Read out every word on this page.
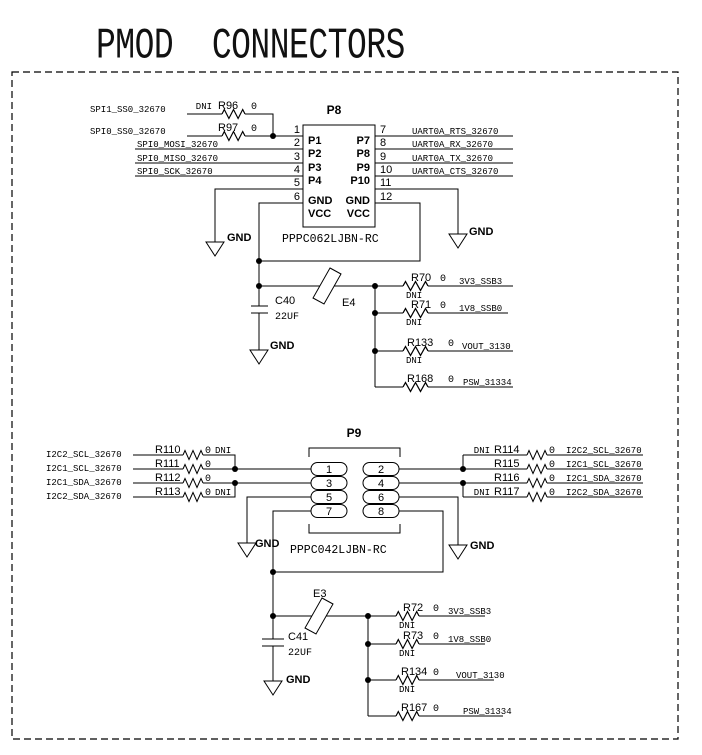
PMOD  CONNECTORS
P8
PPPC062LJBN-RC
SPI1_SS0_32670
SPI0_SS0_32670
SPI0_MOSI_32670
SPI0_MISO_32670
SPI0_SCK_32670
DNI R96 0
R97 0	1
2
3
4
5
6
7
8
9
10
11
12
P1
P2
P3
P4
GND
VCC
P7
P8
P9
P10
GND
VCC
UART0A_RTS_32670
UART0A_RX_32670
UART0A_TX_32670
UART0A_CTS_32670
GND	GND
GND
C40
22UF
E4
R70 0
DNI
3V3_SSB3
R71 0
DNI
1V8_SSB0
R133 0
DNI
VOUT_3130
R168 0 PSW_31334
P9
PPPC042LJBN-RC
I2C2_SCL_32670
I2C1_SCL_32670
I2C1_SDA_32670
I2C2_SDA_32670
R110
R111
R112
R113
0
0
0
0
DNI
DNI
1
3
5
7
2
4
6
8
DNI
DNI
R114
R115
R116
R117
0
0
0
0
I2C2_SCL_32670
I2C1_SCL_32670
I2C1_SDA_32670
I2C2_SDA_32670
GND	GND
GND
E3
C41
22UF
R72 0
DNI
3V3_SSB3
R73 0
DNI
1V8_SSB0
R134 0
DNI
VOUT_3130
R167 0	PSW_31334
